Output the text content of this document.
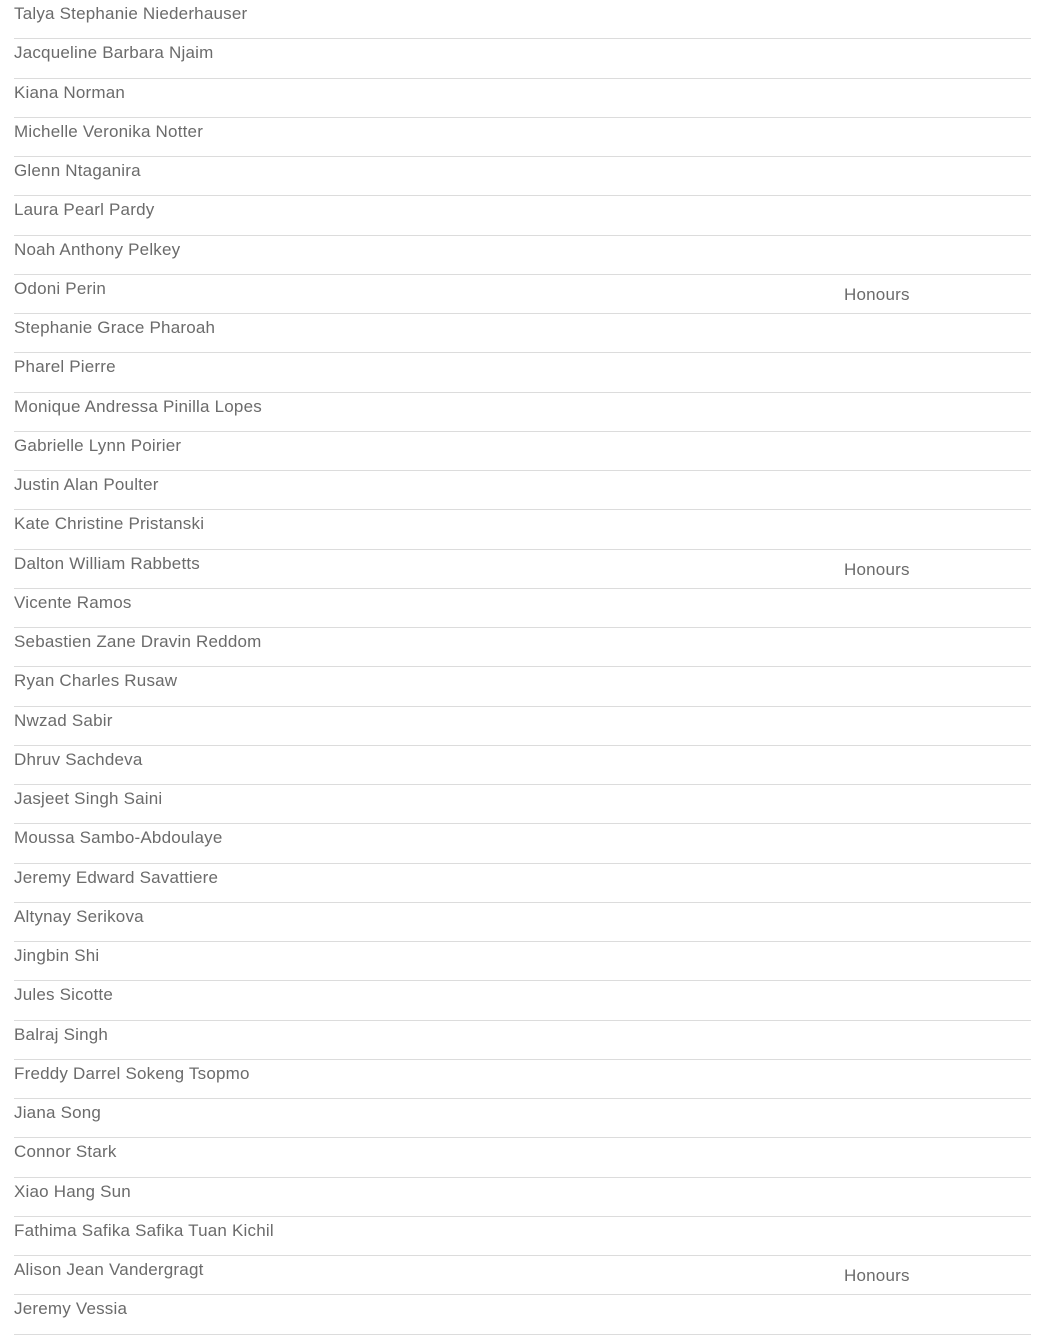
Talya Stephanie Niederhauser
Jacqueline Barbara Njaim
Kiana Norman
Michelle Veronika Notter
Glenn Ntaganira
Laura Pearl Pardy
Noah Anthony Pelkey
Odoni Perin	Honours
Stephanie Grace Pharoah
Pharel Pierre
Monique Andressa Pinilla Lopes
Gabrielle Lynn Poirier
Justin Alan Poulter
Kate Christine Pristanski
Dalton William Rabbetts	Honours
Vicente Ramos
Sebastien Zane Dravin Reddom
Ryan Charles Rusaw
Nwzad Sabir
Dhruv Sachdeva
Jasjeet Singh Saini
Moussa Sambo-Abdoulaye
Jeremy Edward Savattiere
Altynay Serikova
Jingbin Shi
Jules Sicotte
Balraj Singh
Freddy Darrel Sokeng Tsopmo
Jiana Song
Connor Stark
Xiao Hang Sun
Fathima Safika Safika Tuan Kichil
Alison Jean Vandergragt	Honours
Jeremy Vessia
